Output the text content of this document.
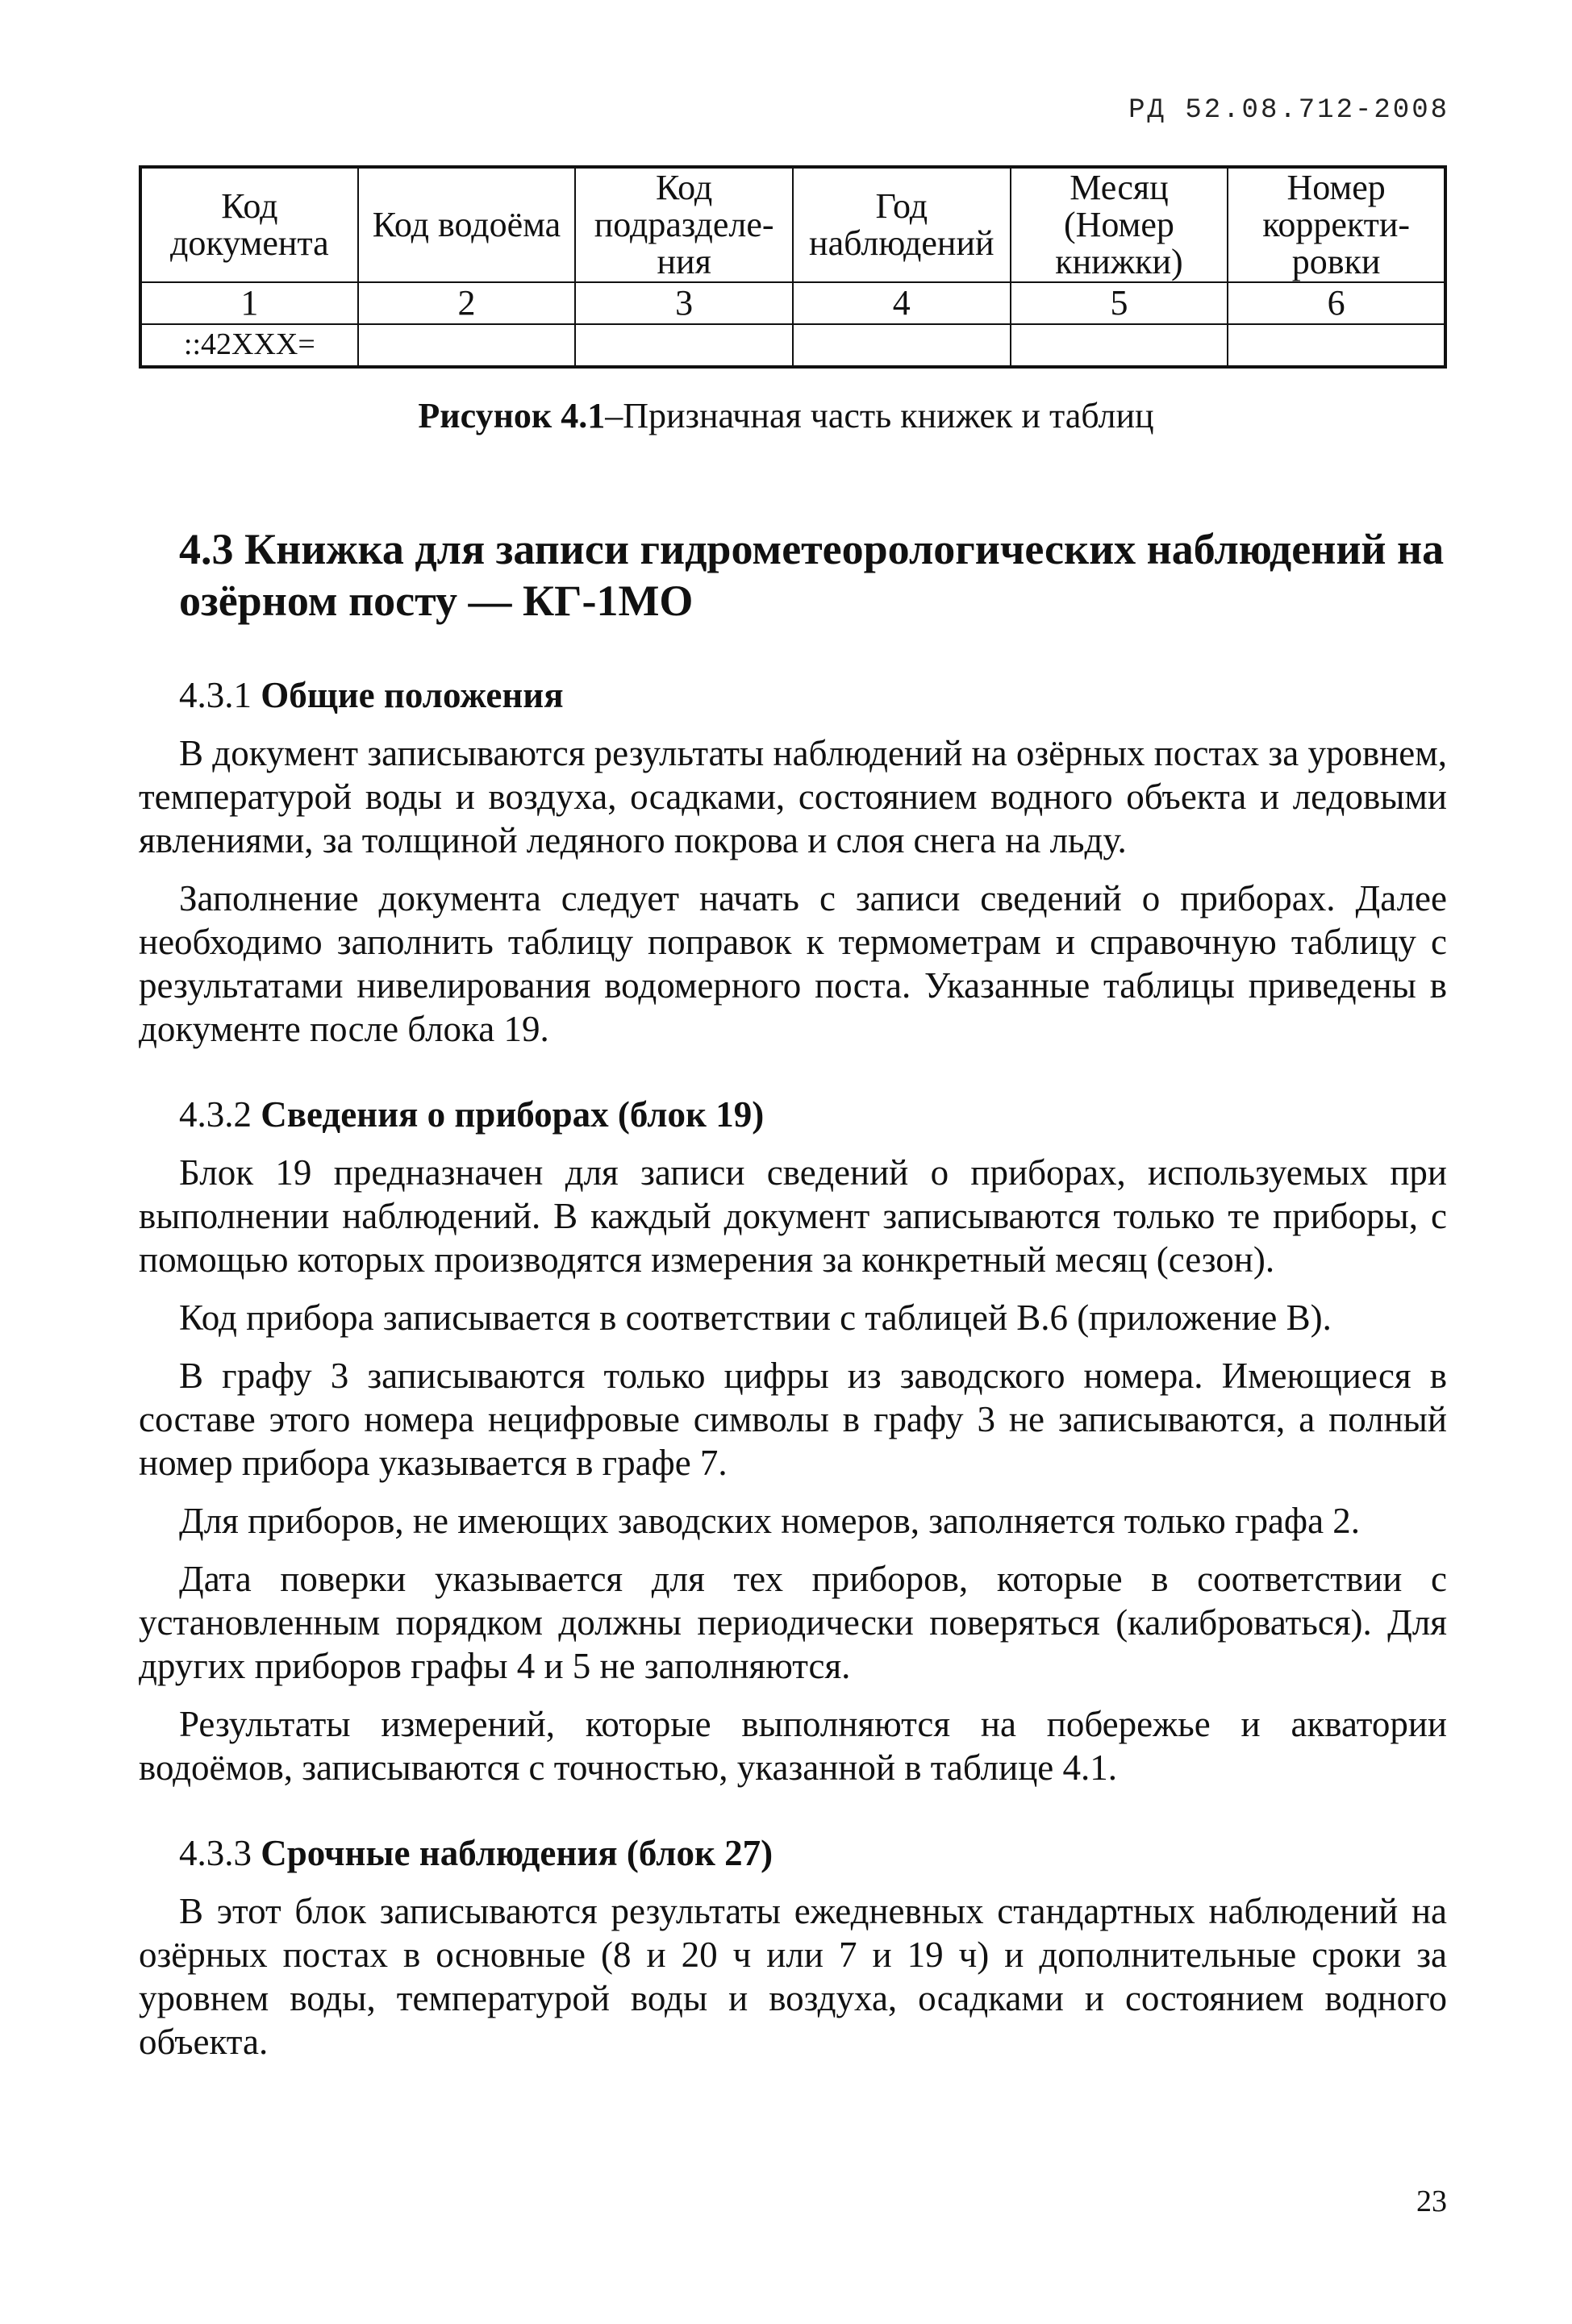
РД 52.08.712-2008
Код документа	Код водоёма	Код подразделе-ния	Год наблюдений	Месяц (Номер книжки)	Номер корректи-ровки
1	2	3	4	5	6
::42XXX=					
Рисунок 4.1–Призначная часть книжек и таблиц
4.3 Книжка для записи гидрометеорологических наблюдений на озёрном посту — КГ-1МО
4.3.1 Общие положения

В документ записываются результаты наблюдений на озёрных постах за уровнем, температурой воды и воздуха, осадками, состоянием водного объекта и ледовыми явлениями, за толщиной ледяного покрова и слоя снега на льду.

Заполнение документа следует начать с записи сведений о приборах. Далее необходимо заполнить таблицу поправок к термометрам и справочную таблицу с результатами нивелирования водомерного поста. Указанные таблицы приведены в документе после блока 19.

4.3.2 Сведения о приборах (блок 19)

Блок 19 предназначен для записи сведений о приборах, используемых при выполнении наблюдений. В каждый документ записываются только те приборы, с помощью которых производятся измерения за конкретный месяц (сезон).

Код прибора записывается в соответствии с таблицей В.6 (приложение В).

В графу 3 записываются только цифры из заводского номера. Имеющиеся в составе этого номера нецифровые символы в графу 3 не записываются, а полный номер прибора указывается в графе 7.

Для приборов, не имеющих заводских номеров, заполняется только графа 2.

Дата поверки указывается для тех приборов, которые в соответствии с установленным порядком должны периодически поверяться (калиброваться). Для других приборов графы 4 и 5 не заполняются.

Результаты измерений, которые выполняются на побережье и акватории водоёмов, записываются с точностью, указанной в таблице 4.1.

4.3.3 Срочные наблюдения (блок 27)

В этот блок записываются результаты ежедневных стандартных наблюдений на озёрных постах в основные (8 и 20 ч или 7 и 19 ч) и дополнительные сроки за уровнем воды, температурой воды и воздуха, осадками и состоянием водного объекта.

23
